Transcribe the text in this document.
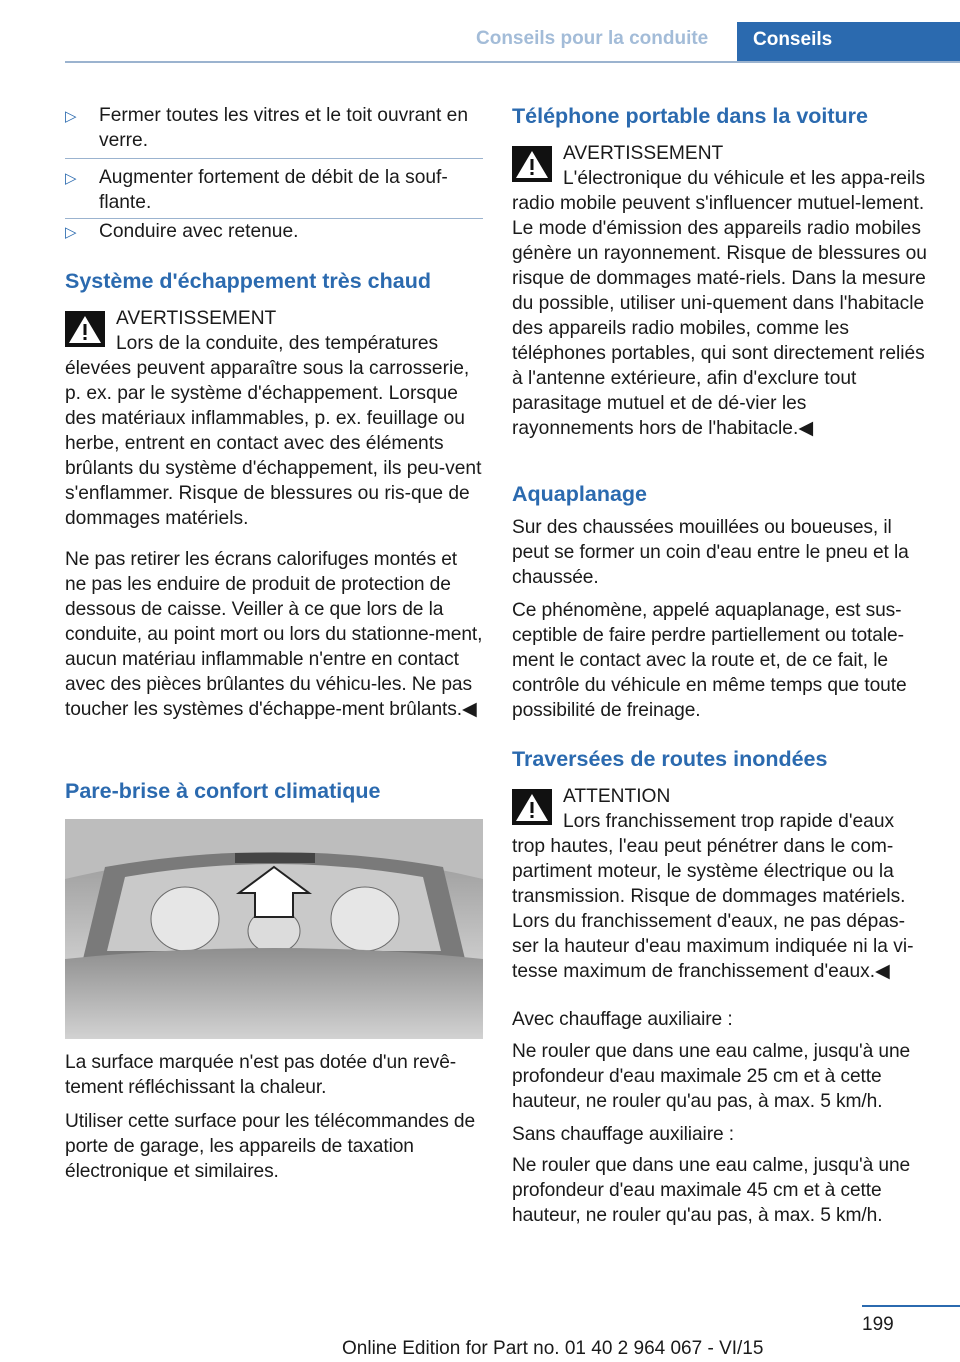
Conseils pour la conduite Conseils
▷ Fermer toutes les vitres et le toit ouvrant en verre.
▷ Augmenter fortement de débit de la souf‐flante.
▷ Conduire avec retenue.
Système d'échappement très chaud
AVERTISSEMENT
Lors de la conduite, des températures élevées peuvent apparaître sous la carrosserie, p. ex. par le système d'échappement. Lorsque des matériaux inflammables, p. ex. feuillage ou herbe, entrent en contact avec des éléments brûlants du système d'échappement, ils peu‐vent s'enflammer. Risque de blessures ou ris‐que de dommages matériels.

Ne pas retirer les écrans calorifuges montés et ne pas les enduire de produit de protection de dessous de caisse. Veiller à ce que lors de la conduite, au point mort ou lors du stationne‐ment, aucun matériau inflammable n'entre en contact avec des pièces brûlantes du véhicu‐les. Ne pas toucher les systèmes d'échappe‐ment brûlants.◀

Pare-brise à confort climatique

La surface marquée n'est pas dotée d'un revê‐tement réfléchissant la chaleur.

Utiliser cette surface pour les télécommandes de porte de garage, les appareils de taxation électronique et similaires.

Téléphone portable dans la voiture
AVERTISSEMENT
L'électronique du véhicule et les appa‐reils radio mobile peuvent s'influencer mutuel‐lement. Le mode d'émission des appareils radio mobiles génère un rayonnement. Risque de blessures ou risque de dommages maté‐riels. Dans la mesure du possible, utiliser uni‐quement dans l'habitacle des appareils radio mobiles, comme les téléphones portables, qui sont directement reliés à l'antenne extérieure, afin d'exclure tout parasitage mutuel et de dé‐vier les rayonnements hors de l'habitacle.◀
Aquaplanage

Sur des chaussées mouillées ou boueuses, il peut se former un coin d'eau entre le pneu et la chaussée.

Ce phénomène, appelé aquaplanage, est sus‐ceptible de faire perdre partiellement ou totale‐ment le contact avec la route et, de ce fait, le contrôle du véhicule en même temps que toute possibilité de freinage.

Traversées de routes inondées
ATTENTION
Lors franchissement trop rapide d'eaux trop hautes, l'eau peut pénétrer dans le com‐partiment moteur, le système électrique ou la transmission. Risque de dommages matériels. Lors du franchissement d'eaux, ne pas dépas‐ser la hauteur d'eau maximum indiquée ni la vi‐tesse maximum de franchissement d'eaux.◀

Avec chauffage auxiliaire :

Ne rouler que dans une eau calme, jusqu'à une profondeur d'eau maximale 25 cm et à cette hauteur, ne rouler qu'au pas, à max. 5 km/h.

Sans chauffage auxiliaire :

Ne rouler que dans une eau calme, jusqu'à une profondeur d'eau maximale 45 cm et à cette hauteur, ne rouler qu'au pas, à max. 5 km/h.

199
Online Edition for Part no. 01 40 2 964 067 - VI/15
